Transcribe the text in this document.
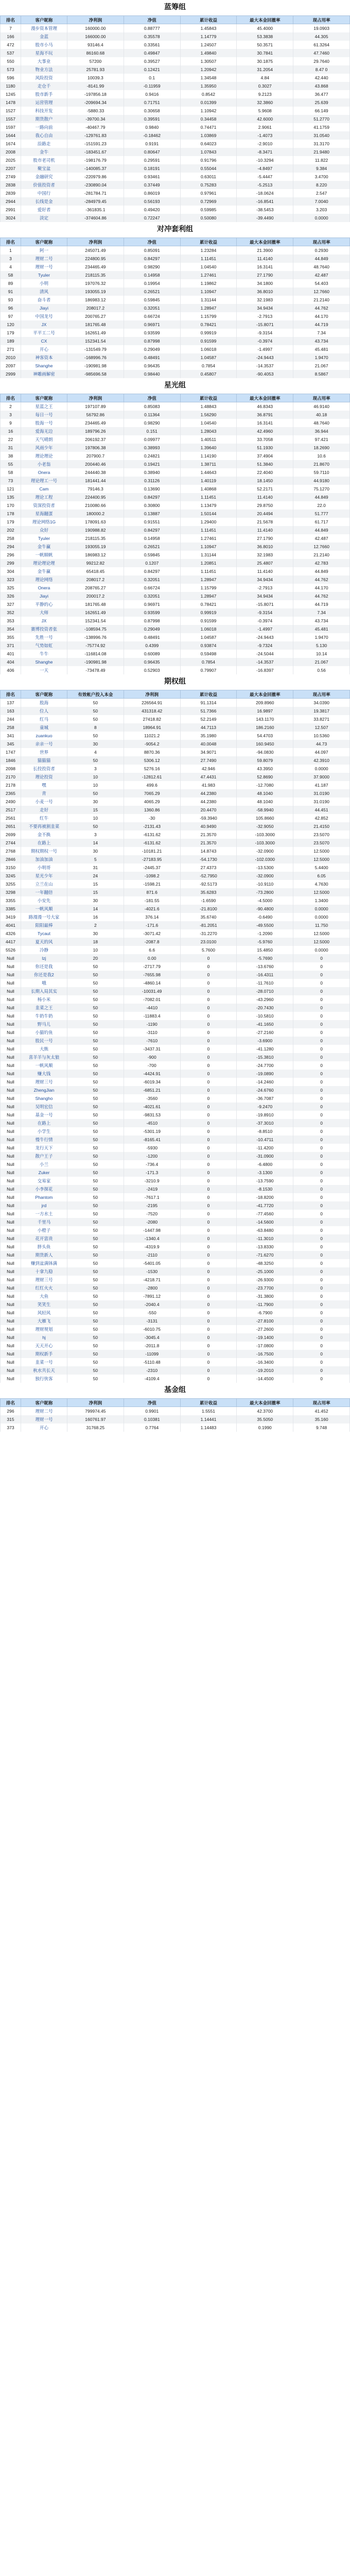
蓝筹组
排名	客户昵称	净利润	净值	累计收益	最大本金回撤率	现占用率
7	漫步资本管理	160000.00	0.88777	1.45843	45.4000	19.0903
166	金蓝	166000.00	0.35578	1.14779	53.3838	44.305
472	股市小马	93146.4	0.33561	1.24507	50.3571	61.3264
537	星海不玩	86160.68	0.49847	1.49840	30.7841	47.7460
550	大事业	57200	0.39527	1.30507	30.1875	29.7640
573	物业方法	25781.93	0.12421	1.20942	31.2054	8.47 0
596	风险投资	10039.3	0.1	1.34548	4.84	42.440
1180	走仓千	-8141.99	-0.11959	1.35950	0.3027	43.868
1245	股市新手	-197856.18	0.9416	0.8542	9.2123	36.477
1478	运营管理	-209694.34	0.71751	0.01399	32.3860	25.639
1527	科技开发	-5880.33	0.30658	1.10942	5.9608	66.149
1557	期货散户	-39700.34	0.39591	0.34458	42.6000	51.2770
1597	一路向前	-40467.79	0.9840	0.74471	2.9061	41.1759
1644	我心自由	-129761.83	-0.18462	1.03869	-1.4073	31.0540
1674	沿路走	-151591.23	0.9191	0.64023	-2.9010	31.3170
2008	金牛	-183451.67	0.80647	1.07843	-8.3471	21.9480
2025	股市老司机	-198176.79	0.29591	0.91796	-10.3294	11.822
2207	聚宝盆	-140085.37	0.18191	0.55044	-4.8497	9.384
2749	金融研究	-220979.86	0.93461	0.63011	-5.4447	3.4700
2838	价值投资者	-230890.04	0.37449	0.75283	-5.2513	8.220
2839	中国行	-281784.71	0.86019	0.97961	-18.0624	2.547
2944	长线是金	-284979.45	0.56193	0.72969	-16.8541	7.0040
2991	爱好者	-361835.1	0.49420	0.59985	-38.5453	3.203
3024	淡定	-374604.86	0.72247	0.50080	-39.4490	0.0000
对冲套利组
排名	客户昵称	净利润	净值	累计收益	最大本金回撤率	现占用率
1	阿一	245071.49	0.85091	1.23284	21.3900	0.2930
3	理财二号	224800.95	0.84297	1.11451	11.4140	44.849
4	理财一号	234465.49	0.98290	1.04540	16.3141	48.7640
58	Tyuler	218115.35	0.14958	1.27461	27.1790	42.487
89	小明	197076.32	0.19954	1.19862	34.1800	54.403
91	清风	193055.19	0.26521	1.10947	36.8010	12.7660
93	奋斗者	186983.12	0.59845	1.31144	32.1983	21.2140
96	Jiayi	208017.2	0.32051	1.28947	34.9434	44.762
97	中国龙号	200765.27	0.66724	1.15799	-2.7913	44.170
120	JX	181765.48	0.96971	0.78421	-15.8071	44.719
179	平平工二号	162651.49	0.93599	0.99919	-9.3154	7.34
189	CX	152341.54	0.87998	0.91599	-0.3974	43.734
271	开心	-131549.79	0.29049	1.06018	-1.4997	45.481
2010	神客资本	-168996.76	0.48491	1.04587	-24.9443	1.9470
2097	Shanghe	-190981.98	0.96435	0.7854	-14.3537	21.067
2999	神雕画解密	-985696.58	0.98440	0.45807	-90.4053	8.5867
星光组
排名	客户昵称	净利润	净值	累计收益	最大本金回撤率	现占用率
2	星蓝之王	197107.89	0.85083	1.48843	46.8343	46.9140
3	每日一号	56792.86	0.11364	1.56290	36.8791	40.18
9	股海一号	234465.49	0.98290	1.04540	16.3141	48.7640
16	爱海无边	189796.26	0.151	1.28043	42.4960	36.944
22	天气晴朗	206192.37	0.09977	1.40511	33.7058	97.421
31	风雨少年	197806.38	0.38993	1.39640	51.1930	18.2690
38	理论理论	207900.7	0.24821	1.14190	37.4904	10.6
55	小老翁	200440.46	0.19421	1.38711	51.3840	21.8670
58	Onera	244440.38	0.38940	1.44643	22.4040	59.7110
73	理论理工一号	181441.44	0.31126	1.40119	18.1450	44.9180
121	Cam	79146.3	0.13690	1.40868	52.2171	75.1270
135	理论工程	224400.95	0.84297	1.11451	11.4140	44.849
170	资深投资者	210080.66	0.30800	1.13479	29.8750	22.0
178	星海翻蛋	180000.2	0.13887	1.50144	20.4494	51.777
179	理论网络1G	178091.63	0.91551	1.29400	21.5678	61.717
202	众好	190988.82	0.84297	1.11451	11.4140	44.849
258	Tyuler	218115.35	0.14958	1.27461	27.1790	42.487
294	金牛赢	193055.19	0.26521	1.10947	36.8010	12.7660
296	一帆顺帆	186983.12	0.59845	1.31144	32.1983	21.2140
299	理论理论理	99212.82	0.1207	1.20851	25.4807	42.783
304	金牛赢	65418.45	0.84297	1.11451	11.4140	44.849
323	理论网络	208017.2	0.32051	1.28947	34.9434	44.762
325	Onera	208765.27	0.66724	1.15799	-2.7913	44.170
326	Jiayi	200017.2	0.32051	1.28947	34.9434	44.762
327	平静的心	181765.48	0.96971	0.78421	-15.8071	44.719
352	大师	162651.49	0.93599	0.99919	-9.3154	7.34
353	JX	152341.54	0.87998	0.91599	-0.3974	43.734
354	赛博投资者张	-108594.75	0.29049	1.06018	-1.4997	45.481
355	先胜一号	-138996.76	0.48491	1.04587	-24.9443	1.9470
371	气势如虹	-75774.92	0.4399	0.93874	-9.7324	5.130
401	牛牛	-116814.08	0.60089	0.59498	-24.5044	10.14
404	Shanghe	-190981.98	0.96435	0.7854	-14.3537	21.067
406	一天	-73478.49	0.52903	0.79907	-16.8397	0.56
期权组
排名	客户昵称	有效帐户投入本金	净利润	累计收益	最大本金回撤率	现占用率
137	股海	50	226564.91	91.1314	209.8960	34.0390
163	位人	50	431318.42	51.7366	16.9897	19.3817
244	红马	50	27418.82	52.2149	143.1170	33.8271
258	童城	8	18964.91	44.7113	186.2160	12.507
341	zuankuo	50	11021.2	35.1980	54.4703	10.5360
345	亲亲一号	30	-9054.2	40.0048	160.9450	44.73
1747	世界	4	8870.36	34.9071	-94.0830	44.097
1846	猫猫猫	50	5306.12	27.7490	59.8079	42.3910
2098	长投投资者	3	5276.16	42.946	43.3950	0.0000
2170	理论投资	10	-12812.61	47.4431	52.8690	37.9000
2178	嘿	10	499.6	41.983	-12.7080	41.187
2365	青	50	7065.29	44.2380	48.1040	31.0190
2490	小麦一号	30	4065.29	44.2380	48.1040	31.0190
2517	走好	15	1360.86	20.4470	-58.9940	44.451
2561	红牛	10	-30	-59.3940	105.8660	42.852
2651	不要再被割韭菜	50	-2131.43	40.9490	-32.9050	21.4150
2699	金不换	3	-6131.62	21.3570	-103.3000	23.5070
2744	在路上	14	-6131.62	21.3570	-103.3000	23.5070
2768	期权期权一号	30	-10181.21	14.8743	-32.0900	12.5000
2846	加油加油	5	-27183.95	-54.1730	-102.0300	12.5000
3150	小明哥	31	-2445.37	27.4373	-13.5300	5.4400
3245	星光少年	24	-1098.2	-52.7950	-32.0900	6.05
3255	立兰在山	15	-1598.21	-92.5173	-10.9110	4.7630
3298	一年翻倍	15	871.6	35.6283	-73.2800	12.5000
3355	小安先	30	-181.55	-1.6590	-4.5000	1.3400
3385	一帆风顺	14	-4021.6	-21.8100	-90.4800	0.0000
3419	路漫漫一号大家	16	376.14	35.6740	-0.6490	0.0000
4041	阳阳最棒	2	-171.6	-81.2051	-49.5500	11.750
4326	Tycaut	30	-3071.42	-31.2270	-1.2090	12.5000
4417	夏天的风	18	-2087.8	23.0100	-5.9760	12.5000
5526	冷静	10	6.6	5.7600	15.4850	0.0000
Null	lzj	20	0.00	0	-5.7690	0
Null	你还是我	50	-2717.79	0	-13.6760	0
Null	你还是我2	50	-7655.98	0	-16.4311	0
Null	哦	50	-4860.14	0	-11.7610	0
Null	长期入局其实	50	-10031.49	0	-28.0710	0
Null	杨小米	50	-7082.01	0	-43.2960	0
Null	韭菜之王	50	-4410	0	-20.7430	0
Null	牛奶牛奶	50	-11883.4	0	-10.5810	0
Null	野马儿	50	-1190	0	-41.1650	0
Null	小猫钓鱼	50	-3110	0	-27.2160	0
Null	股民一号	50	-7610	0	-3.6900	0
Null	大熊	50	-3437.31	0	-41.1280	0
Null	喜羊羊与灰太狼	50	-900	0	-15.3810	0
Null	一帆风顺	50	-700	0	-24.7700	0
Null	赚大钱	50	-4424.91	0	-19.0890	0
Null	理财三号	50	-6019.34	0	-14.2460	0
Null	ZhengJian	50	-6851.21	0	-24.6760	0
Null	Shangho	50	-3560	0	-36.7087	0
Null	吴明宏信	50	-4021.61	0	-9.2470	0
Null	基金一号	50	-9831.53	0	-19.8910	0
Null	在路上	50	-4510	0	-37.3010	0
Null	小学生	50	-5301.19	0	-8.8510	0
Null	慢牛行情	50	-8165.41	0	-10.4711	0
Null	龙行天下	50	-5930	0	-11.4200	0
Null	散户王子	50	-1200	0	-31.0900	0
Null	小兰	50	-736.4	0	-6.4800	0
Null	Zuker	50	-171.3	0	-3.1300	0
Null	交易家	50	-3210.9	0	-13.7590	0
Null	小李探花	50	-2419	0	-8.1530	0
Null	Phantom	50	-7617.1	0	-18.8200	0
Null	jrd	50	-2195	0	-41.7720	0
Null	一方水土	50	-7520	0	-77.4560	0
Null	千里马	50	-2080	0	-14.5600	0
Null	小橙子	50	-1447.98	0	-63.8480	0
Null	花开富贵	50	-1340.4	0	-11.3010	0
Null	胖头鱼	50	-4319.9	0	-13.8330	0
Null	期货新人	50	-2110	0	-71.6270	0
Null	赚到盆满钵满	50	-5401.05	0	-48.3250	0
Null	十拿九稳	50	-1530	0	-25.1000	0
Null	理财三号	50	-4218.71	0	-26.9300	0
Null	红红火火	50	-2800	0	-23.7700	0
Null	大鱼	50	-7891.12	0	-31.3800	0
Null	笑笑生	50	-2040.4	0	-11.7900	0
Null	风轻风	50	-550	0	-6.7900	0
Null	大雁飞	50	-3131	0	-27.8100	0
Null	理财规划	50	-6010.75	0	-27.2600	0
Null	hj	50	-3045.4	0	-19.1400	0
Null	天天开心	50	-2011.8	0	-17.0800	0
Null	期权新手	50	-11099	0	-16.7500	0
Null	韭菜一号	50	-5110.48	0	-16.3400	0
Null	秋水共长天	50	-2310	0	-19.2010	0
Null	独行侠客	50	-4109.4	0	-14.4500	0
基金组
排名	客户昵称	净利润	净值	累计收益	最大本金回撤率	现占用率
296	理财二号	799974.45	0.9901	1.5551	42.3700	41.452
315	理财一号	160761.97	0.10381	1.14441	35.5050	35.160
373	开心	31768.25	0.7764	1.14483	0.1990	9.748
